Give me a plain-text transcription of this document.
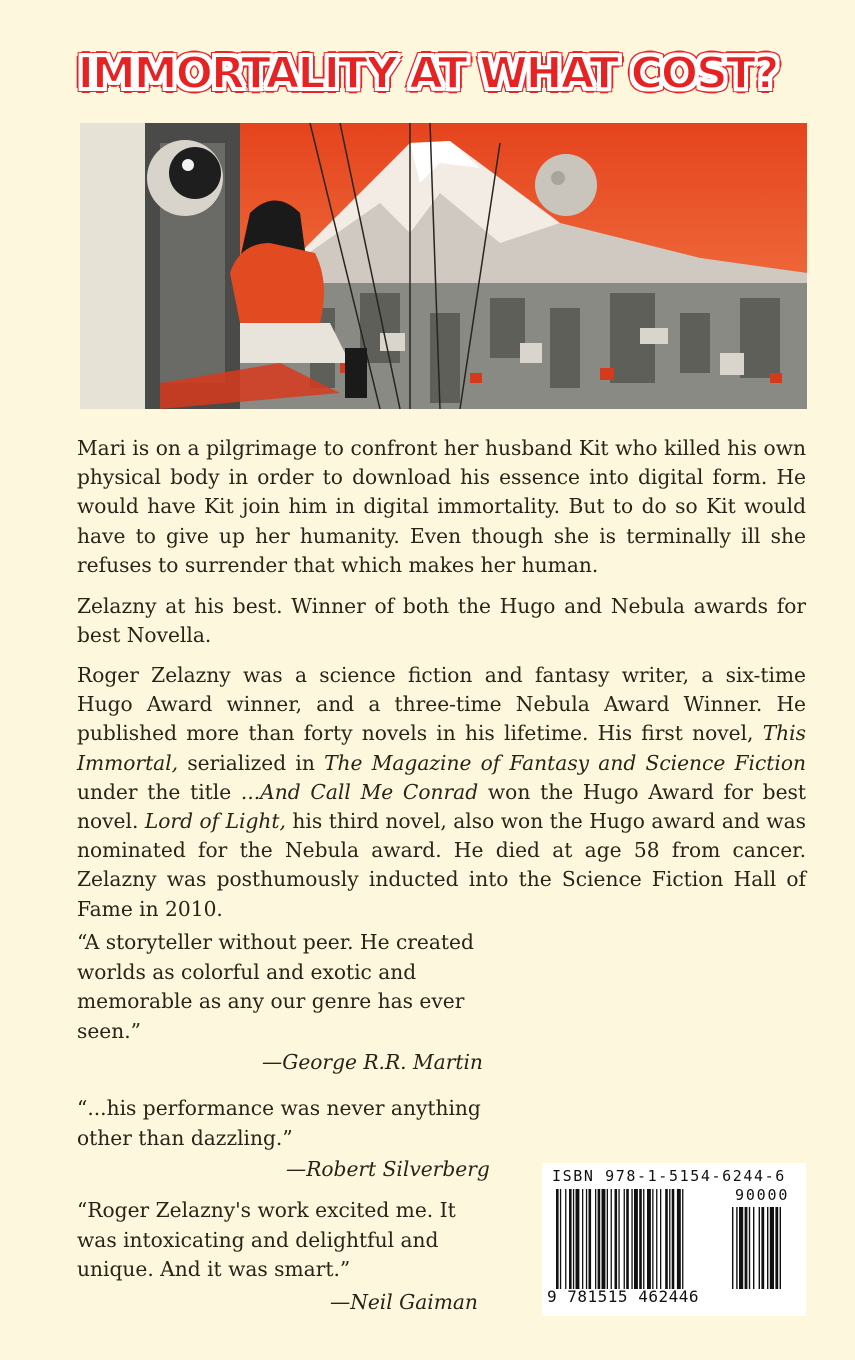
IMMORTALITY AT WHAT COST?

Mari is on a pilgrimage to confront her husband Kit who killed his own physical body in order to download his essence into digital form. He would have Kit join him in digital immortality. But to do so Kit would have to give up her humanity. Even though she is terminally ill she refuses to surrender that which makes her human.

Zelazny at his best. Winner of both the Hugo and Nebula awards for best Novella.

Roger Zelazny was a science fiction and fantasy writer, a six-time Hugo Award winner, and a three-time Nebula Award Winner. He published more than forty novels in his lifetime. His first novel, This Immortal, serialized in The Magazine of Fantasy and Science Fiction under the title ...And Call Me Conrad won the Hugo Award for best novel. Lord of Light, his third novel, also won the Hugo award and was nominated for the Nebula award. He died at age 58 from cancer. Zelazny was posthumously inducted into the Science Fiction Hall of Fame in 2010.

“A storyteller without peer. He created worlds as colorful and exotic and memorable as any our genre has ever seen.”

—George R.R. Martin

“...his performance was never anything other than dazzling.”

—Robert Silverberg

“Roger Zelazny's work excited me. It was intoxicating and delightful and unique. And it was smart.”

—Neil Gaiman

ISBN 978-1-5154-6244-6
90000
9 781515 462446
